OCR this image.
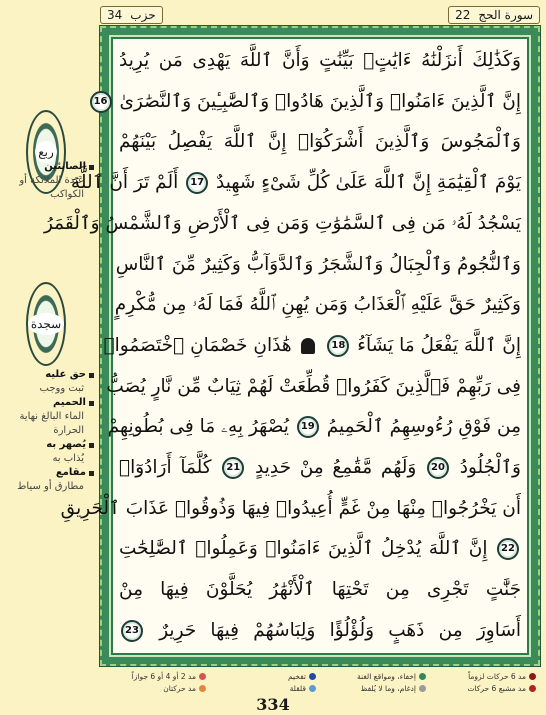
حزب
34	سورة الحج
22
ربع
الصابئين
عَبَدة الملائكة أو الكواكب
سجدة
حق عليه
ثبت ووجب
الحميم
الماء البالغ نهاية الحرارة
يُصهر به
يُذاب به
مقامع
مطارق أو سياط
وَكَذَٰلِكَ أَنزَلْنَٰهُ ءَايَٰتٍۭ بَيِّنَٰتٍ وَأَنَّ ٱللَّهَ يَهْدِى مَن يُرِيدُ
إِنَّ ٱلَّذِينَ ءَامَنُوا۟ وَٱلَّذِينَ هَادُوا۟ وَٱلصَّٰبِـِٔينَ وَٱلنَّصَٰرَىٰ 16
وَٱلْمَجُوسَ وَٱلَّذِينَ أَشْرَكُوٓا۟ إِنَّ ٱللَّهَ يَفْصِلُ بَيْنَهُمْ
يَوْمَ ٱلْقِيَٰمَةِ إِنَّ ٱللَّهَ عَلَىٰ كُلِّ شَىْءٍ شَهِيدٌ 17 أَلَمْ تَرَ أَنَّ ٱللَّهَ
يَسْجُدُ لَهُۥ مَن فِى ٱلسَّمَٰوَٰتِ وَمَن فِى ٱلْأَرْضِ وَٱلشَّمْسُ وَٱلْقَمَرُ
وَٱلنُّجُومُ وَٱلْجِبَالُ وَٱلشَّجَرُ وَٱلدَّوَآبُّ وَكَثِيرٌ مِّنَ ٱلنَّاسِ
وَكَثِيرٌ حَقَّ عَلَيْهِ ٱلْعَذَابُ وَمَن يُهِنِ ٱللَّهُ فَمَا لَهُۥ مِن مُّكْرِمٍ
إِنَّ ٱللَّهَ يَفْعَلُ مَا يَشَآءُ 18  هَٰذَانِ خَصْمَانِ ٱخْتَصَمُوا۟
فِى رَبِّهِمْ فَٱلَّذِينَ كَفَرُوا۟ قُطِّعَتْ لَهُمْ ثِيَابٌ مِّن نَّارٍ يُصَبُّ
مِن فَوْقِ رُءُوسِهِمُ ٱلْحَمِيمُ 19 يُصْهَرُ بِهِۦ مَا فِى بُطُونِهِمْ
وَٱلْجُلُودُ 20 وَلَهُم مَّقَٰمِعُ مِنْ حَدِيدٍ 21 كُلَّمَآ أَرَادُوٓا۟
أَن يَخْرُجُوا۟ مِنْهَا مِنْ غَمٍّ أُعِيدُوا۟ فِيهَا وَذُوقُوا۟ عَذَابَ ٱلْحَرِيقِ
22 إِنَّ ٱللَّهَ يُدْخِلُ ٱلَّذِينَ ءَامَنُوا۟ وَعَمِلُوا۟ ٱلصَّٰلِحَٰتِ
جَنَّٰتٍ تَجْرِى مِن تَحْتِهَا ٱلْأَنْهَٰرُ يُحَلَّوْنَ فِيهَا مِنْ
أَسَاوِرَ مِن ذَهَبٍ وَلُؤْلُؤًا وَلِبَاسُهُمْ فِيهَا حَرِيرٌ 23
مد 6 حركات لزوماً
إخفاء، ومواقع الغنة
تفخيم
مد 2 أو 4 أو 6 جوازاً
مد مشبع 6 حركات
إدغام، وما لا يُلفظ
قلقلة
مد حركتان
334
